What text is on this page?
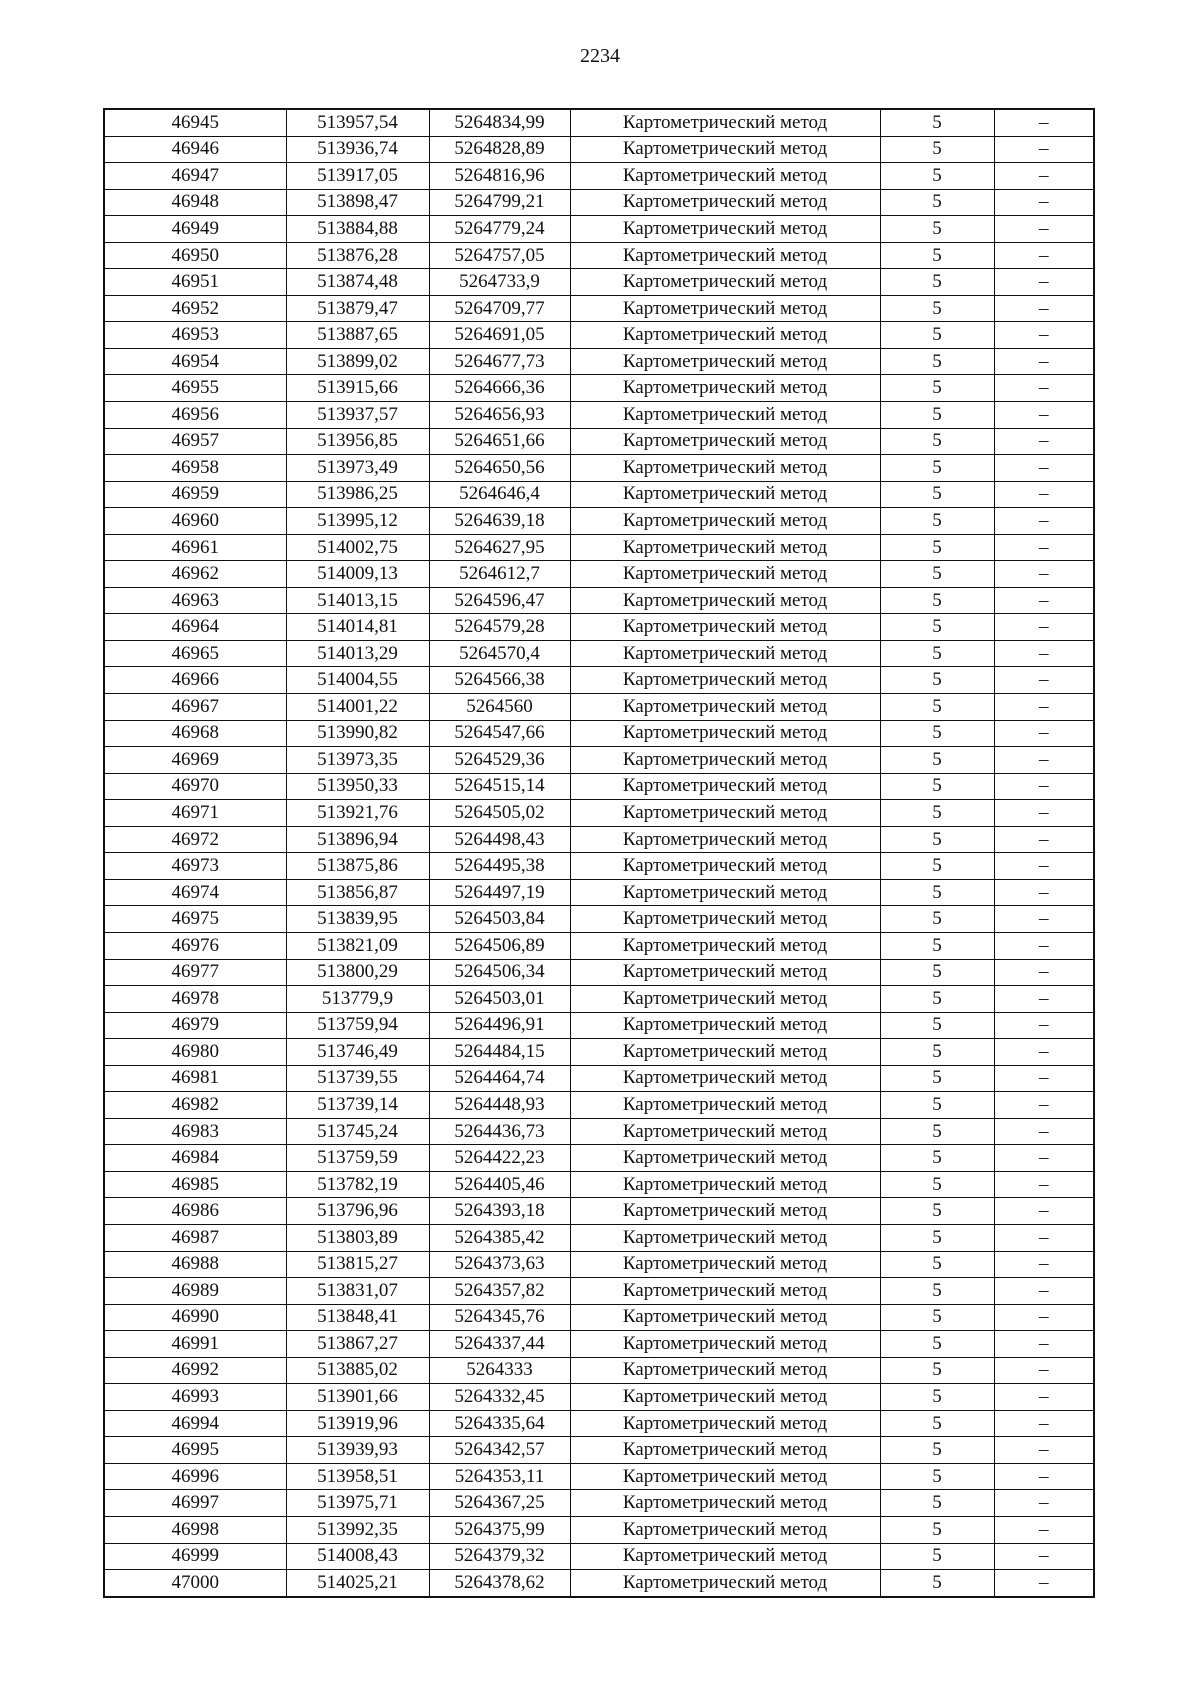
2234
46945	513957,54	5264834,99	Картометрический метод	5	–
46946	513936,74	5264828,89	Картометрический метод	5	–
46947	513917,05	5264816,96	Картометрический метод	5	–
46948	513898,47	5264799,21	Картометрический метод	5	–
46949	513884,88	5264779,24	Картометрический метод	5	–
46950	513876,28	5264757,05	Картометрический метод	5	–
46951	513874,48	5264733,9	Картометрический метод	5	–
46952	513879,47	5264709,77	Картометрический метод	5	–
46953	513887,65	5264691,05	Картометрический метод	5	–
46954	513899,02	5264677,73	Картометрический метод	5	–
46955	513915,66	5264666,36	Картометрический метод	5	–
46956	513937,57	5264656,93	Картометрический метод	5	–
46957	513956,85	5264651,66	Картометрический метод	5	–
46958	513973,49	5264650,56	Картометрический метод	5	–
46959	513986,25	5264646,4	Картометрический метод	5	–
46960	513995,12	5264639,18	Картометрический метод	5	–
46961	514002,75	5264627,95	Картометрический метод	5	–
46962	514009,13	5264612,7	Картометрический метод	5	–
46963	514013,15	5264596,47	Картометрический метод	5	–
46964	514014,81	5264579,28	Картометрический метод	5	–
46965	514013,29	5264570,4	Картометрический метод	5	–
46966	514004,55	5264566,38	Картометрический метод	5	–
46967	514001,22	5264560	Картометрический метод	5	–
46968	513990,82	5264547,66	Картометрический метод	5	–
46969	513973,35	5264529,36	Картометрический метод	5	–
46970	513950,33	5264515,14	Картометрический метод	5	–
46971	513921,76	5264505,02	Картометрический метод	5	–
46972	513896,94	5264498,43	Картометрический метод	5	–
46973	513875,86	5264495,38	Картометрический метод	5	–
46974	513856,87	5264497,19	Картометрический метод	5	–
46975	513839,95	5264503,84	Картометрический метод	5	–
46976	513821,09	5264506,89	Картометрический метод	5	–
46977	513800,29	5264506,34	Картометрический метод	5	–
46978	513779,9	5264503,01	Картометрический метод	5	–
46979	513759,94	5264496,91	Картометрический метод	5	–
46980	513746,49	5264484,15	Картометрический метод	5	–
46981	513739,55	5264464,74	Картометрический метод	5	–
46982	513739,14	5264448,93	Картометрический метод	5	–
46983	513745,24	5264436,73	Картометрический метод	5	–
46984	513759,59	5264422,23	Картометрический метод	5	–
46985	513782,19	5264405,46	Картометрический метод	5	–
46986	513796,96	5264393,18	Картометрический метод	5	–
46987	513803,89	5264385,42	Картометрический метод	5	–
46988	513815,27	5264373,63	Картометрический метод	5	–
46989	513831,07	5264357,82	Картометрический метод	5	–
46990	513848,41	5264345,76	Картометрический метод	5	–
46991	513867,27	5264337,44	Картометрический метод	5	–
46992	513885,02	5264333	Картометрический метод	5	–
46993	513901,66	5264332,45	Картометрический метод	5	–
46994	513919,96	5264335,64	Картометрический метод	5	–
46995	513939,93	5264342,57	Картометрический метод	5	–
46996	513958,51	5264353,11	Картометрический метод	5	–
46997	513975,71	5264367,25	Картометрический метод	5	–
46998	513992,35	5264375,99	Картометрический метод	5	–
46999	514008,43	5264379,32	Картометрический метод	5	–
47000	514025,21	5264378,62	Картометрический метод	5	–
